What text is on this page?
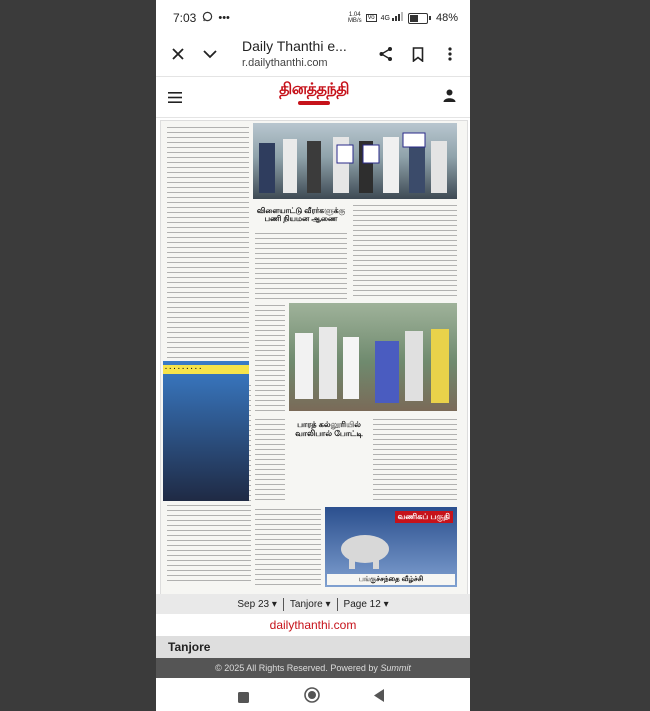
7:03 •••	1.04
MB/s	Vo 4G	48%
Daily Thanthi e...
r.dailythanthi.com
தினத்தந்தி
விளையாட்டு வீரர்களுக்கு பணி நியமன ஆணை
· · · · · · · · ·
பாரத் கல்லூரியில் வாலிபால் போட்டி
வணிகப் பகுதி
பங்குச்சந்தை வீழ்ச்சி
Sep 23 ▾ Tanjore ▾ Page 12 ▾
dailythanthi.com
Tanjore
© 2025 All Rights Reserved. Powered by
Summit
